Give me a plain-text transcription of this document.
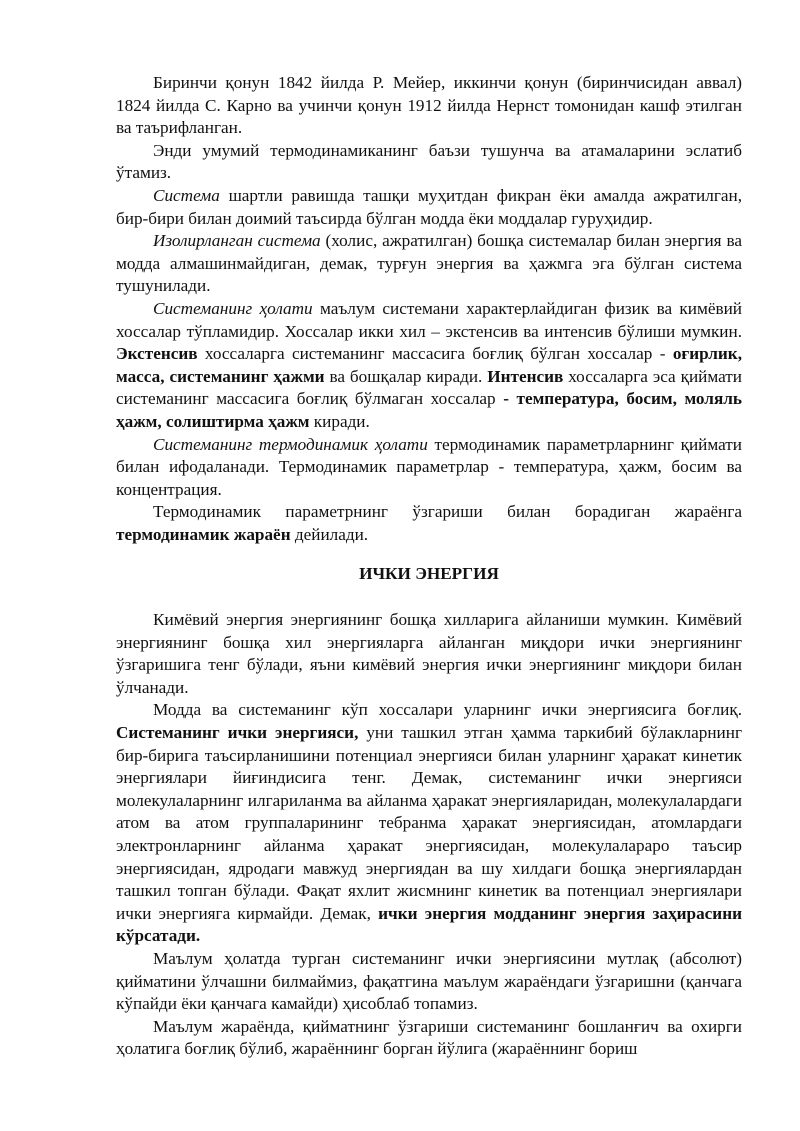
Биринчи қонун 1842 йилда Р. Мейер, иккинчи қонун (биринчисидан аввал) 1824 йилда С. Карно ва учинчи қонун 1912 йилда Нернст томонидан кашф этилган ва таърифланган.

Энди умумий термодинамиканинг баъзи тушунча ва атамаларини эслатиб ўтамиз.

Система шартли равишда ташқи муҳитдан фикран ёки амалда ажратилган, бир-бири билан доимий таъсирда бўлган модда ёки моддалар гуруҳидир.

Изолирланган система (холис, ажратилган) бошқа системалар билан энергия ва модда алмашинмайдиган, демак, турғун энергия ва ҳажмга эга бўлган система тушунилади.

Системанинг ҳолати маълум системани характерлайдиган физик ва кимёвий хоссалар тўпламидир. Хоссалар икки хил – экстенсив ва интенсив бўлиши мумкин. Экстенсив хоссаларга системанинг массасига боғлиқ бўлган хоссалар - оғирлик, масса, системанинг ҳажми ва бошқалар киради. Интенсив хоссаларга эса қиймати системанинг массасига боғлиқ бўлмаган хоссалар - температура, босим, моляль ҳажм, солиштирма ҳажм киради.

Системанинг термодинамик ҳолати термодинамик параметрларнинг қиймати билан ифодаланади. Термодинамик параметрлар - температура, ҳажм, босим ва концентрация.

Термодинамик параметрнинг ўзгариши билан борадиган жараёнга термодинамик жараён дейилади.

ИЧКИ ЭНЕРГИЯ

Кимёвий энергия энергиянинг бошқа хилларига айланиши мумкин. Кимёвий энергиянинг бошқа хил энергияларга айланган миқдори ички энергиянинг ўзгаришига тенг бўлади, яъни кимёвий энергия ички энергиянинг миқдори билан ўлчанади.

Модда ва системанинг кўп хоссалари уларнинг ички энергиясига боғлиқ. Системанинг ички энергияси, уни ташкил этган ҳамма таркибий бўлакларнинг бир-бирига таъсирланишини потенциал энергияси билан уларнинг ҳаракат кинетик энергиялари йиғиндисига тенг. Демак, системанинг ички энергияси молекулаларнинг илгариланма ва айланма ҳаракат энергияларидан, молекулалардаги атом ва атом группаларининг тебранма ҳаракат энергиясидан, атомлардаги электронларнинг айланма ҳаракат энергиясидан, молекулалараро таъсир энергиясидан, ядродаги мавжуд энергиядан ва шу хилдаги бошқа энергиялардан ташкил топган бўлади. Фақат яхлит жисмнинг кинетик ва потенциал энергиялари ички энергияга кирмайди. Демак, ички энергия модданинг энергия заҳирасини кўрсатади.

Маълум ҳолатда турган системанинг ички энергиясини мутлақ (абсолют) қийматини ўлчашни билмаймиз, фақатгина маълум жараёндаги ўзгаришни (қанчага кўпайди ёки қанчага камайди) ҳисоблаб топамиз.

Маълум жараёнда, қийматнинг ўзгариши системанинг бошланғич ва охирги ҳолатига боғлиқ бўлиб, жараённинг борган йўлига (жараённинг бориш
